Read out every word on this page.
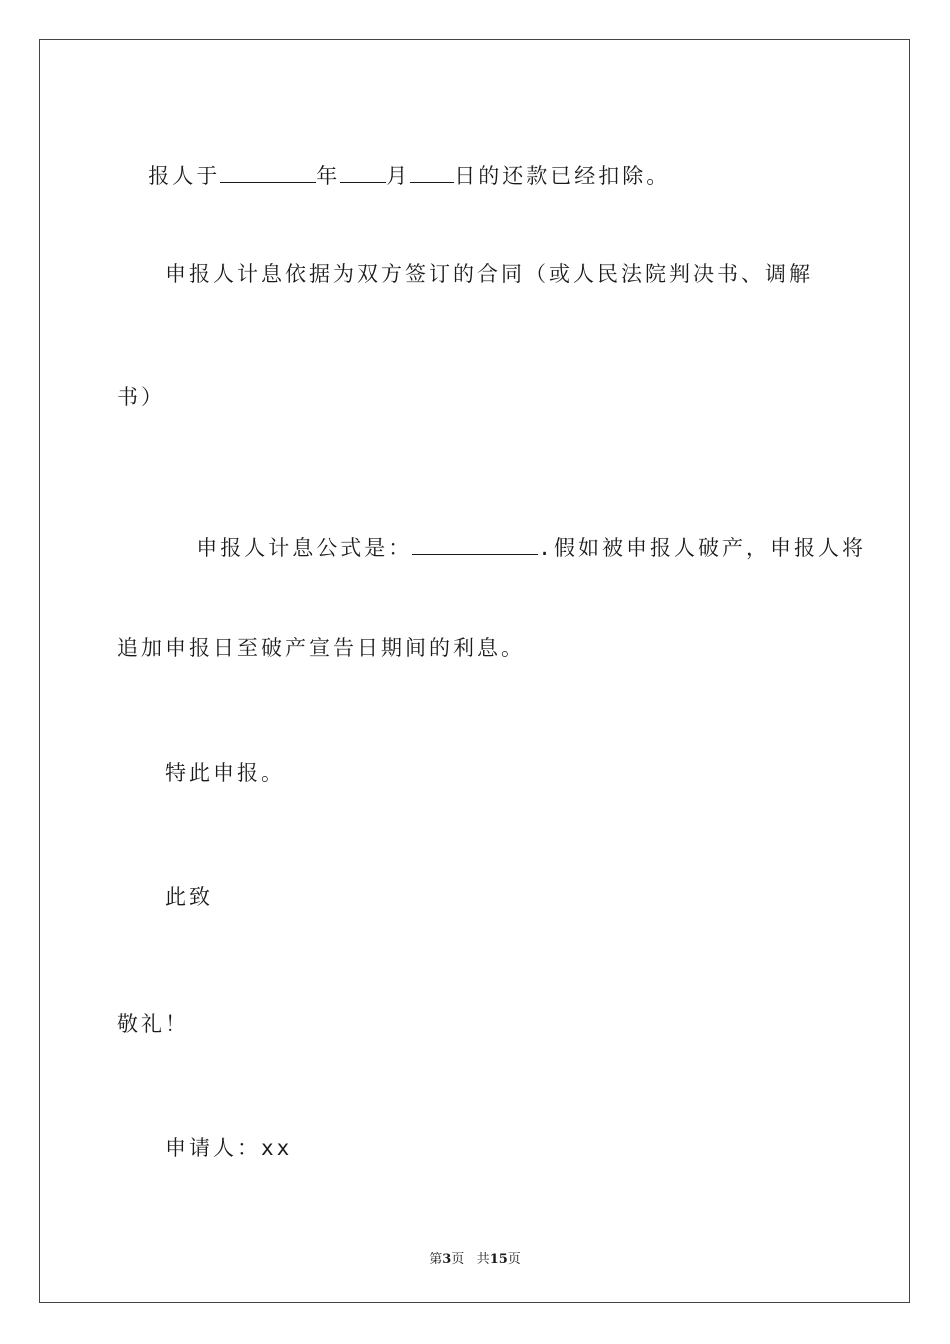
报人于	年 月 日的还款已经扣除。

申报人计息依据为双方签订的合同（或人民法院判决书、调解
书）

申报人计息公式是：	.假如被申报人破产，申报人将

追加申报日至破产宣告日期间的利息。
特此申报。
此致
敬礼！
申请人：xx
第3页 共15页
